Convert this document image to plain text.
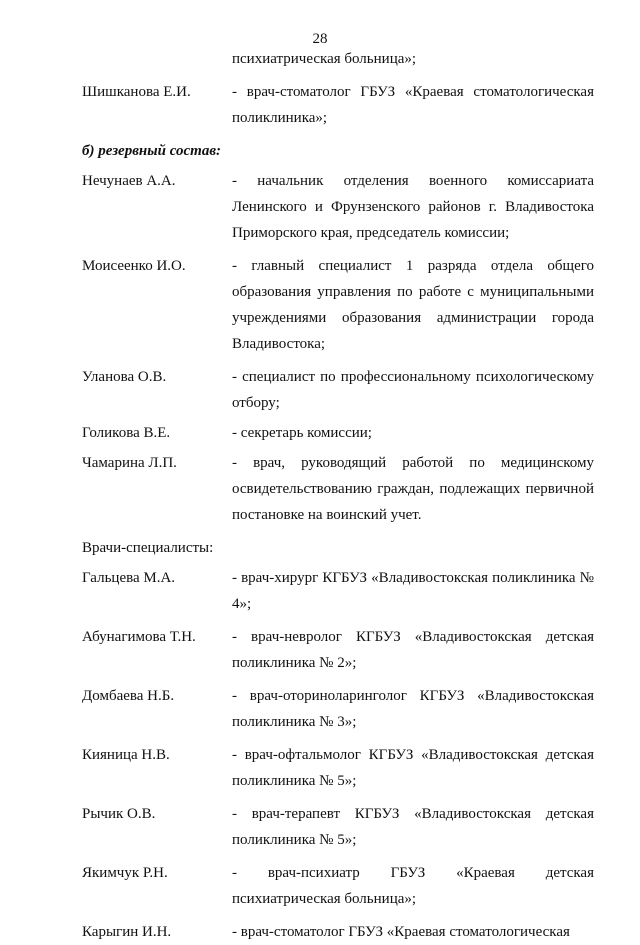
28
психиатрическая больница»;
Шишканова Е.И.	- врач-стоматолог ГБУЗ «Краевая стоматологическая поликлиника»;
б) резервный состав:
Нечунаев А.А.	- начальник отделения военного комиссариата Ленинского и Фрунзенского районов г. Владивостока Приморского края, председатель комиссии;
Моисеенко И.О.	- главный специалист 1 разряда отдела общего образования управления по работе с муниципальными учреждениями образования администрации города Владивостока;
Уланова О.В.	- специалист по профессиональному психологическому отбору;
Голикова В.Е.	- секретарь комиссии;
Чамарина Л.П.	- врач, руководящий работой по медицинскому освидетельствованию граждан, подлежащих первичной постановке на воинский учет.
Врачи-специалисты:
Гальцева М.А.	- врач-хирург КГБУЗ «Владивостокская поликлиника № 4»;
Абунагимова Т.Н.	- врач-невролог КГБУЗ «Владивостокская детская поликлиника № 2»;
Домбаева Н.Б.	- врач-оториноларинголог КГБУЗ «Владивостокская поликлиника № 3»;
Кияница Н.В.	- врач-офтальмолог КГБУЗ «Владивостокская детская поликлиника № 5»;
Рычик О.В.	- врач-терапевт КГБУЗ «Владивостокская детская поликлиника № 5»;
Якимчук Р.Н.	- врач-психиатр ГБУЗ «Краевая детская психиатрическая больница»;
Карыгин И.Н.	- врач-стоматолог ГБУЗ «Краевая стоматологическая
